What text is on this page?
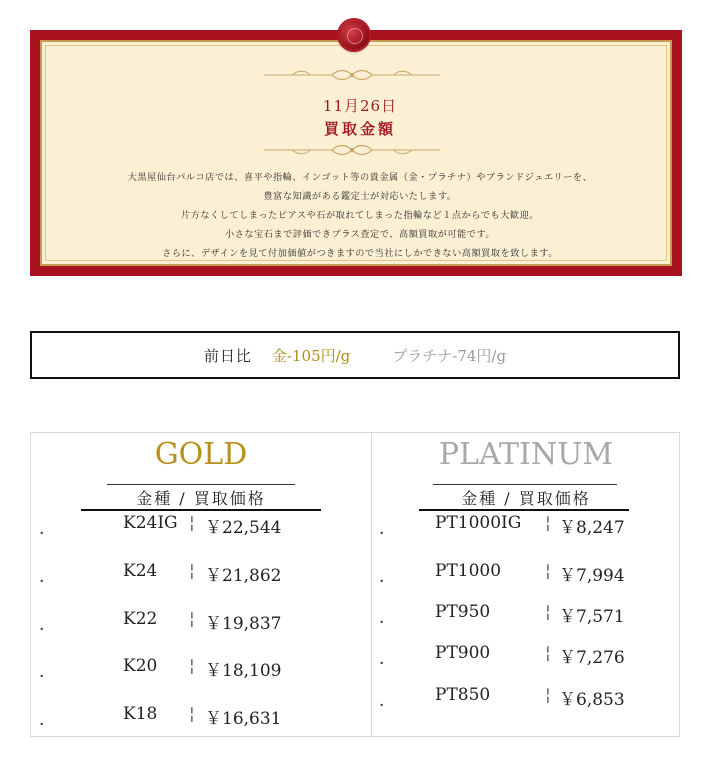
11月26日
買取金額
大黒屋仙台パルコ店では、喜平や指輪、インゴット等の貴金属（金・プラチナ）やブランドジュエリーを、
豊富な知識がある鑑定士が対応いたします。
片方なくしてしまったピアスや石が取れてしまった指輪など１点からでも大歓迎。
小さな宝石まで評価できプラス査定で、高額買取が可能です。
さらに、デザインを見て付加価値がつきますので当社にしかできない高額買取を致します。
前日比 金-105円/g	プラチナ-74円/g
GOLD	PLATINUM
金種 / 買取価格	金種 / 買取価格
.	K24IG ¦ ￥22,544
.	K24 ¦ ￥21,862
.	K22 ¦ ￥19,837
.	K20 ¦ ￥18,109
.	K18 ¦ ￥16,631
.	PT1000IG ¦ ￥8,247
.	PT1000	¦ ￥7,994
.	PT950	¦ ￥7,571
.	PT900	¦ ￥7,276
.	PT850	¦ ￥6,853
